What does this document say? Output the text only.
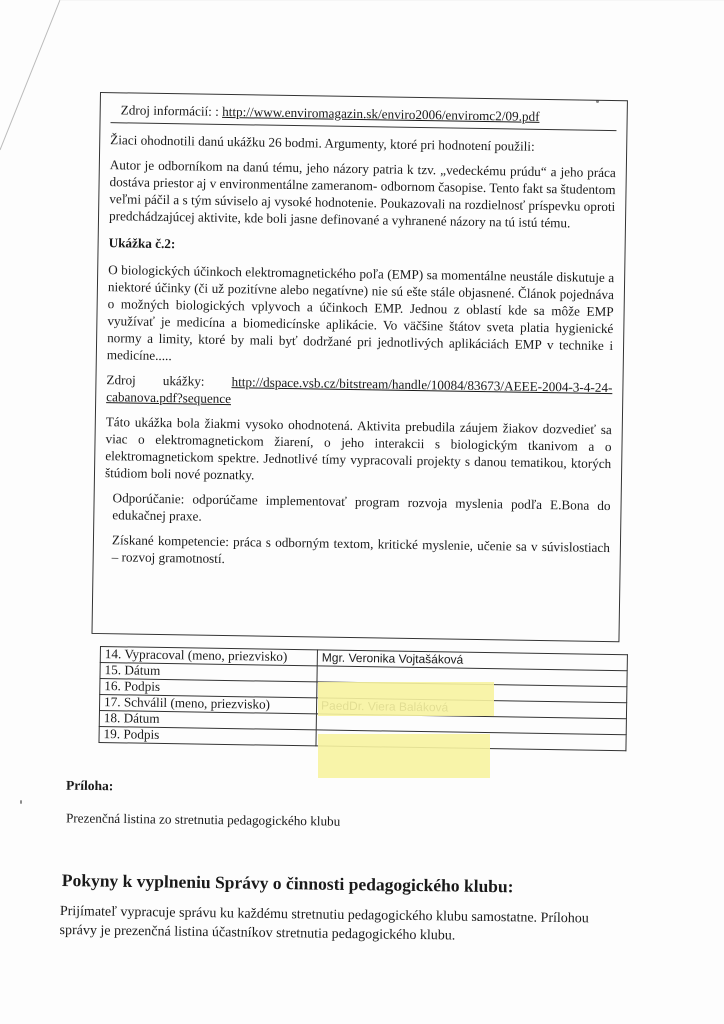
Zdroj informácií: : http://www.enviromagazin.sk/enviro2006/enviromc2/09.pdf

Žiaci ohodnotili danú ukážku 26 bodmi. Argumenty, ktoré pri hodnotení použili:

Autor je odborníkom na danú tému, jeho názory patria k tzv. „vedeckému prúdu“ a jeho práca dostáva priestor aj v environmentálne zameranom- odbornom časopise. Tento fakt sa študentom veľmi páčil a s tým súviselo aj vysoké hodnotenie. Poukazovali na rozdielnosť príspevku oproti predchádzajúcej aktivite, kde boli jasne definované a vyhranené názory na tú istú tému.

Ukážka č.2:

O biologických účinkoch elektromagnetického poľa (EMP) sa momentálne neustále diskutuje a niektoré účinky (či už pozitívne alebo negatívne) nie sú ešte stále objasnené. Článok pojednáva o možných biologických vplyvoch a účinkoch EMP. Jednou z oblastí kde sa môže EMP využívať je medicína a biomedicínske aplikácie. Vo väčšine štátov sveta platia hygienické normy a limity, ktoré by mali byť dodržané pri jednotlivých aplikáciách EMP v technike i medicíne.....

Zdroj ukážky: http://dspace.vsb.cz/bitstream/handle/10084/83673/AEEE-2004-3-4-24-cabanova.pdf?sequence

Táto ukážka bola žiakmi vysoko ohodnotená. Aktivita prebudila záujem žiakov dozvedieť sa viac o elektromagnetickom žiarení, o jeho interakcii s biologickým tkanivom a o elektromagnetickom spektre. Jednotlivé tímy vypracovali projekty s danou tematikou, ktorých štúdiom boli nové poznatky.

Odporúčanie: odporúčame implementovať program rozvoja myslenia podľa E.Bona do edukačnej praxe.

Získané kompetencie: práca s odborným textom, kritické myslenie, učenie sa v súvislostiach – rozvoj gramotností.

14. Vypracoval (meno, priezvisko)	Mgr. Veronika Vojtašáková
15. Dátum	
16. Podpis	
17. Schválil (meno, priezvisko)	
18. Dátum	
19. Podpis	
Príloha:
Prezenčná listina zo stretnutia pedagogického klubu
Pokyny k vyplneniu Správy o činnosti pedagogického klubu:
Prijímateľ vypracuje správu ku každému stretnutiu pedagogického klubu samostatne. Prílohou správy je prezenčná listina účastníkov stretnutia pedagogického klubu.
